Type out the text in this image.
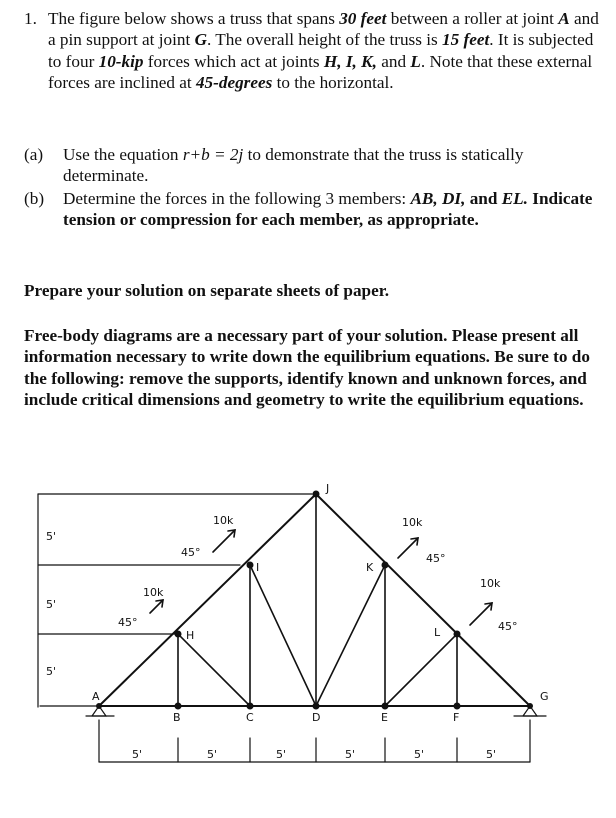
1. The figure below shows a truss that spans 30 feet between a roller at joint A and a pin support at joint G. The overall height of the truss is 15 feet. It is subjected to four 10-kip forces which act at joints H, I, K, and L. Note that these external forces are inclined at 45-degrees to the horizontal.
(a) Use the equation r+b = 2j to demonstrate that the truss is statically determinate.
(b) Determine the forces in the following 3 members: AB, DI, and EL. Indicate tension or compression for each member, as appropriate.
Prepare your solution on separate sheets of paper.
Free-body diagrams are a necessary part of your solution. Please present all information necessary to write down the equilibrium equations. Be sure to do the following: remove the supports, identify known and unknown forces, and include critical dimensions and geometry to write the equilibrium equations.
A
B	C	D	E	F
G
H
I
J
K
L
10k
10k	10k
10k
45°
45°	45°
45°
5'
5'
5'
5'	5'	5'	5'	5'	5'
